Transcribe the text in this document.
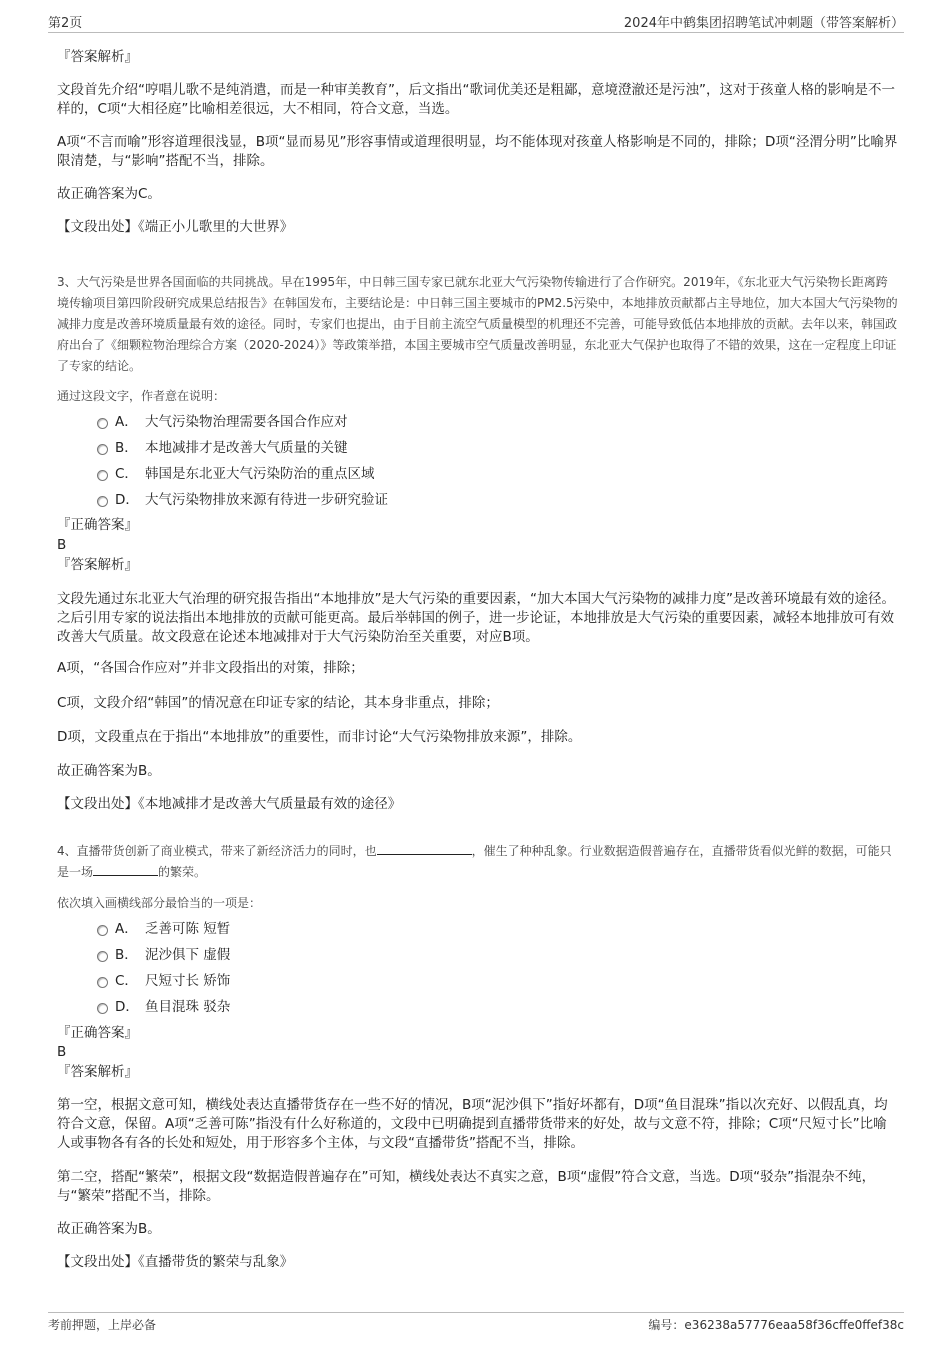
第2页	2024年中鹤集团招聘笔试冲刺题（带答案解析）
『答案解析』

文段首先介绍“哼唱儿歌不是纯消遣，而是一种审美教育”，后文指出“歌词优美还是粗鄙，意境澄澈还是污浊”，这对于孩童人格的影响是不一样的，C项“大相径庭”比喻相差很远，大不相同，符合文意，当选。

A项“不言而喻”形容道理很浅显，B项“显而易见”形容事情或道理很明显，均不能体现对孩童人格影响是不同的，排除；D项“泾渭分明”比喻界限清楚，与“影响”搭配不当，排除。

故正确答案为C。

【文段出处】《端正小儿歌里的大世界》

3、大气污染是世界各国面临的共同挑战。早在1995年，中日韩三国专家已就东北亚大气污染物传输进行了合作研究。2019年，《东北亚大气污染物长距离跨境传输项目第四阶段研究成果总结报告》在韩国发布，主要结论是：中日韩三国主要城市的PM2.5污染中，本地排放贡献都占主导地位，加大本国大气污染物的减排力度是改善环境质量最有效的途径。同时，专家们也提出，由于目前主流空气质量模型的机理还不完善，可能导致低估本地排放的贡献。去年以来，韩国政府出台了《细颗粒物治理综合方案（2020-2024）》等政策举措，本国主要城市空气质量改善明显，东北亚大气保护也取得了不错的效果，这在一定程度上印证了专家的结论。

通过这段文字，作者意在说明：

A． 大气污染物治理需要各国合作应对
B． 本地减排才是改善大气质量的关键
C． 韩国是东北亚大气污染防治的重点区域
D． 大气污染物排放来源有待进一步研究验证
『正确答案』
B
『答案解析』

文段先通过东北亚大气治理的研究报告指出“本地排放”是大气污染的重要因素，“加大本国大气污染物的减排力度”是改善环境最有效的途径。之后引用专家的说法指出本地排放的贡献可能更高。最后举韩国的例子，进一步论证，本地排放是大气污染的重要因素，减轻本地排放可有效改善大气质量。故文段意在论述本地减排对于大气污染防治至关重要，对应B项。

A项，“各国合作应对”并非文段指出的对策，排除；

C项，文段介绍“韩国”的情况意在印证专家的结论，其本身非重点，排除；

D项，文段重点在于指出“本地排放”的重要性，而非讨论“大气污染物排放来源”，排除。

故正确答案为B。

【文段出处】《本地减排才是改善大气质量最有效的途径》

4、直播带货创新了商业模式，带来了新经济活力的同时，也	，催生了种种乱象。行业数据造假普遍存在，直播带货看似光鲜的数据，可能只是一场	的繁荣。

依次填入画横线部分最恰当的一项是：

A． 乏善可陈 短暂
B． 泥沙俱下 虚假
C． 尺短寸长 矫饰
D． 鱼目混珠 驳杂
『正确答案』
B
『答案解析』

第一空，根据文意可知，横线处表达直播带货存在一些不好的情况，B项“泥沙俱下”指好坏都有，D项“鱼目混珠”指以次充好、以假乱真，均符合文意，保留。A项“乏善可陈”指没有什么好称道的，文段中已明确提到直播带货带来的好处，故与文意不符，排除；C项“尺短寸长”比喻人或事物各有各的长处和短处，用于形容多个主体，与文段“直播带货”搭配不当，排除。

第二空，搭配“繁荣”，根据文段“数据造假普遍存在”可知，横线处表达不真实之意，B项“虚假”符合文意，当选。D项“驳杂”指混杂不纯，与“繁荣”搭配不当，排除。

故正确答案为B。

【文段出处】《直播带货的繁荣与乱象》
考前押题，上岸必备	编号：e36238a57776eaa58f36cffe0ffef38c
